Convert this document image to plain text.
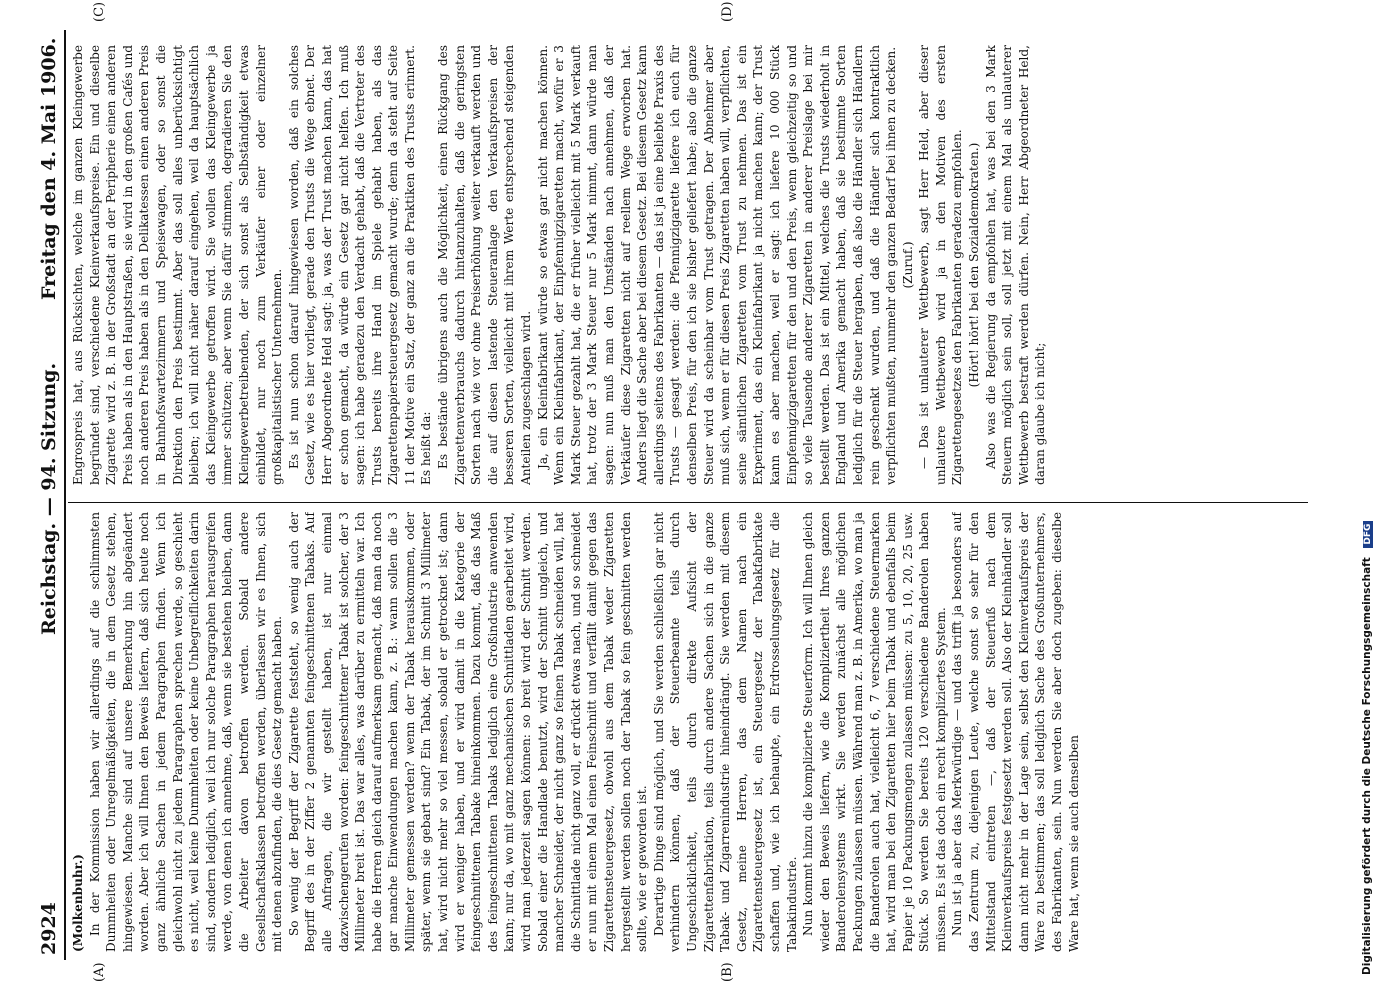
2924
Reichstag. — 94. Sitzung.
Freitag den 4. Mai 1906.
(A)	(B)
(C)	(D)

(Molkenbuhr.) In der Kommission haben wir allerdings auf die schlimmsten Dummheiten oder Unregelmäßigkeiten, die in dem Gesetz stehen, hingewiesen. Manche sind auf unsere Bemerkung hin abgeändert worden. Aber ich will Ihnen den Beweis liefern, daß sich heute noch ganz ähnliche Sachen in jedem Paragraphen finden. Wenn ich gleichwohl nicht zu jedem Paragraphen sprechen werde, so geschieht es nicht, weil keine Dummheiten oder keine Unbegreiflichkeiten darin sind, sondern lediglich, weil ich nur solche Paragraphen herausgreifen werde, von denen ich annehme, daß, wenn sie bestehen bleiben, dann die Arbeiter davon betroffen werden. Sobald andere Gesellschaftsklassen betroffen werden, überlassen wir es Ihnen, sich mit denen abzufinden, die dies Gesetz gemacht haben. So wenig der Begriff der Zigarette feststeht, so wenig auch der Begriff des in der Ziffer 2 genannten feingeschnittenen Tabaks. Auf alle Anfragen, die wir gestellt haben, ist nur einmal dazwischengerufen worden: feingeschnittener Tabak ist solcher, der 3 Millimeter breit ist. Das war alles, was darüber zu ermitteln war. Ich habe die Herren gleich darauf aufmerksam gemacht, daß man da noch gar manche Einwendungen machen kann, z. B.: wann sollen die 3 Millimeter gemessen werden? wenn der Tabak herauskommen, oder später, wenn sie gebart sind? Ein Tabak, der im Schnitt 3 Millimeter hat, wird nicht mehr so viel messen, sobald er getrocknet ist; dann wird er weniger haben, und er wird damit in die Kategorie der feingeschnittenen Tabake hineinkommen. Dazu kommt, daß das Maß des feingeschnittenen Tabaks lediglich eine Großindustrie anwenden kann; nur da, wo mit ganz mechanischen Schnittladen gearbeitet wird, wird man jederzeit sagen können: so breit wird der Schnitt werden. Sobald einer die Handlade benutzt, wird der Schnitt ungleich, und mancher Schneider, der nicht ganz so feinen Tabak schneiden will, hat die Schnittlade nicht ganz voll, er drückt etwas nach, und so schneidet er nun mit einem Mal einen Feinschnitt und verfällt damit gegen das Zigarettensteuergesetz, obwohl aus dem Tabak weder Zigaretten hergestellt werden sollen noch der Tabak so fein geschnitten werden sollte, wie er geworden ist. Derartige Dinge sind möglich, und Sie werden schließlich gar nicht verhindern können, daß der Steuerbeamte teils durch Ungeschicklichkeit, teils durch direkte Aufsicht der Zigarettenfabrikation, teils durch andere Sachen sich in die ganze Tabak- und Zigarrenindustrie hineindrängt. Sie werden mit diesem Gesetz, meine Herren, das dem Namen nach ein Zigarettensteuergesetz ist, ein Steuergesetz der Tabakfabrikate schaffen und, wie ich behaupte, ein Erdrosselungsgesetz für die Tabakindustrie. Nun kommt hinzu die komplizierte Steuerform. Ich will Ihnen gleich wieder den Beweis liefern, wie die Kompliziertheit Ihres ganzen Banderolensystems wirkt. Sie werden zunächst alle möglichen Packungen zulassen müssen. Während man z. B. in Amerika, wo man ja die Banderolen auch hat, vielleicht 6, 7 verschiedene Steuermarken hat, wird man bei den Zigaretten hier beim Tabak und ebenfalls beim Papier je 10 Packungsmengen zulassen müssen: zu 5, 10, 20, 25 usw. Stück. So werden Sie bereits 120 verschiedene Banderolen haben müssen. Es ist das doch ein recht kompliziertes System. Nun ist ja aber das Merkwürdige — und das trifft ja besonders auf das Zentrum zu, diejenigen Leute, welche sonst so sehr für den Mittelstand eintreten —, daß der Steuerfuß nach dem Kleinverkaufspreise festgesetzt werden soll. Also der Kleinhändler soll dann nicht mehr in der Lage sein, selbst den Kleinverkaufspreis der Ware zu bestimmen; das soll lediglich Sache des Großunternehmers, des Fabrikanten, sein. Nun werden Sie aber doch zugeben: dieselbe Ware hat, wenn sie auch denselben

Engrospreis hat, aus Rücksichten, welche im ganzen Kleingewerbe begründet sind, verschiedene Kleinverkaufspreise. Ein und dieselbe Zigarette wird z. B. in der Großstadt an der Peripherie einen anderen Preis haben als in den Hauptstraßen, sie wird in den großen Cafés und noch anderen Preis haben als in den Delikatessen einen anderen Preis in Bahnhofswartezimmern und Speisewagen, oder so sonst die Direktion den Preis bestimmt. Aber das soll alles unberücksichtigt bleiben; ich will nicht näher darauf eingehen, weil da hauptsächlich das Kleingewerbe getroffen wird. Sie wollen das Kleingewerbe ja immer schützen; aber wenn Sie dafür stimmen, degradieren Sie den Kleingewerbetreibenden, der sich sonst als Selbständigkeit etwas einbildet, nur noch zum Verkäufer einer oder einzelner großkapitalistischer Unternehmen. Es ist nun schon darauf hingewiesen worden, daß ein solches Gesetz, wie es hier vorliegt, gerade den Trusts die Wege ebnet. Der Herr Abgeordnete Held sagt: ja, was der Trust machen kann, das hat er schon gemacht, da würde ein Gesetz gar nicht helfen. Ich muß sagen: ich habe geradezu den Verdacht gehabt, daß die Vertreter des Trusts bereits ihre Hand im Spiele gehabt haben, als das Zigarettenpapiersteuergesetz gemacht wurde; denn da steht auf Seite 11 der Motive ein Satz, der ganz an die Praktiken des Trusts erinnert. Es heißt da: Es bestände übrigens auch die Möglichkeit, einen Rückgang des Zigarettenverbrauchs dadurch hintanzuhalten, daß die geringsten Sorten nach wie vor ohne Preiserhöhung weiter verkauft werden und die auf diesen lastende Steueranlage den Verkaufspreisen der besseren Sorten, vielleicht mit ihrem Werte entsprechend steigenden Anteilen zugeschlagen wird. Ja, ein Kleinfabrikant würde so etwas gar nicht machen können. Wenn ein Kleinfabrikant, der Einpfennigzigaretten macht, wofür er 3 Mark Steuer gezahlt hat, die er früher vielleicht mit 5 Mark verkauft hat, trotz der 3 Mark Steuer nur 5 Mark nimmt, dann würde man sagen: nun muß man den Umständen nach annehmen, daß der Verkäufer diese Zigaretten nicht auf reellem Wege erworben hat. Anders liegt die Sache aber bei diesem Gesetz. Bei diesem Gesetz kann allerdings seitens des Fabrikanten — das ist ja eine beliebte Praxis des Trusts — gesagt werden: die Pfennigzigarette liefere ich euch für denselben Preis, für den ich sie bisher geliefert habe; also die ganze Steuer wird da scheinbar vom Trust getragen. Der Abnehmer aber muß sich, wenn er für diesen Preis Zigaretten haben will, verpflichten, seine sämtlichen Zigaretten vom Trust zu nehmen. Das ist ein Experiment, das ein Kleinfabrikant ja nicht machen kann; der Trust kann es aber machen, weil er sagt: ich liefere 10 000 Stück Einpfennigzigaretten für den und den Preis, wenn gleichzeitig so und so viele Tausende anderer Zigaretten in anderer Preislage bei mir bestellt werden. Das ist ein Mittel, welches die Trusts wiederholt in England und Amerika gemacht haben, daß sie bestimmte Sorten lediglich für die Steuer hergaben, daß also die Händler sich Händlern rein geschenkt wurden, und daß die Händler sich kontraktlich verpflichten mußten, nunmehr den ganzen Bedarf bei ihnen zu decken. (Zuruf.) — Das ist unlauterer Wettbewerb, sagt Herr Held, aber dieser unlautere Wettbewerb wird ja in den Motiven des ersten Zigarettengesetzes den Fabrikanten geradezu empfohlen. (Hört! hört! bei den Sozialdemokraten.) Also was die Regierung da empfohlen hat, was bei den 3 Mark Steuern möglich sein soll, soll jetzt mit einem Mal als unlauterer Wettbewerb bestraft werden dürfen. Nein, Herr Abgeordneter Held, daran glaube ich nicht;

Digitalisierung gefördert durch die Deutsche Forschungsgemeinschaft DFG
